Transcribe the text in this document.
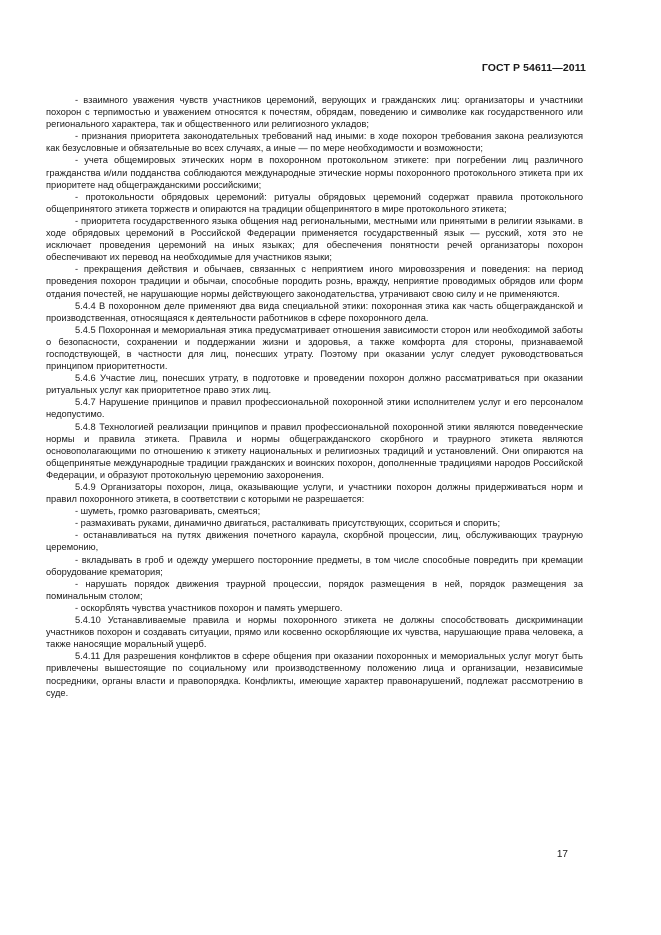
ГОСТ Р 54611—2011

- взаимного уважения чувств участников церемоний, верующих и гражданских лиц: организаторы и участники похорон с терпимостью и уважением относятся к почестям, обрядам, поведению и символике как государственного или регионального характера, так и общественного или религиозного укладов;

- признания приоритета законодательных требований над иными: в ходе похорон требования закона реализуются как безусловные и обязательные во всех случаях, а иные — по мере необходимости и возможности;

- учета общемировых этических норм в похоронном протокольном этикете: при погребении лиц различного гражданства и/или подданства соблюдаются международные этические нормы похоронного протокольного этикета при их приоритете над общегражданскими российскими;

- протокольности обрядовых церемоний: ритуалы обрядовых церемоний содержат правила протокольного общепринятого этикета торжеств и опираются на традиции общепринятого в мире протокольного этикета;

- приоритета государственного языка общения над региональными, местными или принятыми в религии языками. в ходе обрядовых церемоний в Российской Федерации применяется государственный язык — русский, хотя это не исключает проведения церемоний на иных языках; для обеспечения понятности речей организаторы похорон обеспечивают их перевод на необходимые для участников языки;

- прекращения действия и обычаев, связанных с неприятием иного мировоззрения и поведения: на период проведения похорон традиции и обычаи, способные породить рознь, вражду, неприятие проводимых обрядов или форм отдания почестей, не нарушающие нормы действующего законодательства, утрачивают свою силу и не применяются.

5.4.4 В похоронном деле применяют два вида специальной этики: похоронная этика как часть общегражданской и производственная, относящаяся к деятельности работников в сфере похоронного дела.

5.4.5 Похоронная и мемориальная этика предусматривает отношения зависимости сторон или необходимой заботы о безопасности, сохранении и поддержании жизни и здоровья, а также комфорта для стороны, признаваемой господствующей, в частности для лиц, понесших утрату. Поэтому при оказании услуг следует руководствоваться принципом приоритетности.

5.4.6 Участие лиц, понесших утрату, в подготовке и проведении похорон должно рассматриваться при оказании ритуальных услуг как приоритетное право этих лиц.

5.4.7 Нарушение принципов и правил профессиональной похоронной этики исполнителем услуг и его персоналом недопустимо.

5.4.8 Технологией реализации принципов и правил профессиональной похоронной этики являются поведенческие нормы и правила этикета. Правила и нормы общегражданского скорбного и траурного этикета являются основополагающими по отношению к этикету национальных и религиозных традиций и установлений. Они опираются на общепринятые международные традиции гражданских и воинских похорон, дополненные традициями народов Российской Федерации, и образуют протокольную церемонию захоронения.

5.4.9 Организаторы похорон, лица, оказывающие услуги, и участники похорон должны придерживаться норм и правил похоронного этикета, в соответствии с которыми не разрешается:

- шуметь, громко разговаривать, смеяться;

- размахивать руками, динамично двигаться, расталкивать присутствующих, ссориться и спорить;

- останавливаться на путях движения почетного караула, скорбной процессии, лиц, обслуживающих траурную церемонию,

- вкладывать в гроб и одежду умершего посторонние предметы, в том числе способные повредить при кремации оборудование крематория;

- нарушать порядок движения траурной процессии, порядок размещения в ней, порядок размещения за поминальным столом;

- оскорблять чувства участников похорон и память умершего.

5.4.10 Устанавливаемые правила и нормы похоронного этикета не должны способствовать дискриминации участников похорон и создавать ситуации, прямо или косвенно оскорбляющие их чувства, нарушающие права человека, а также наносящие моральный ущерб.

5.4.11 Для разрешения конфликтов в сфере общения при оказании похоронных и мемориальных услуг могут быть привлечены вышестоящие по социальному или производственному положению лица и организации, независимые посредники, органы власти и правопорядка. Конфликты, имеющие характер правонарушений, подлежат рассмотрению в суде.

17
